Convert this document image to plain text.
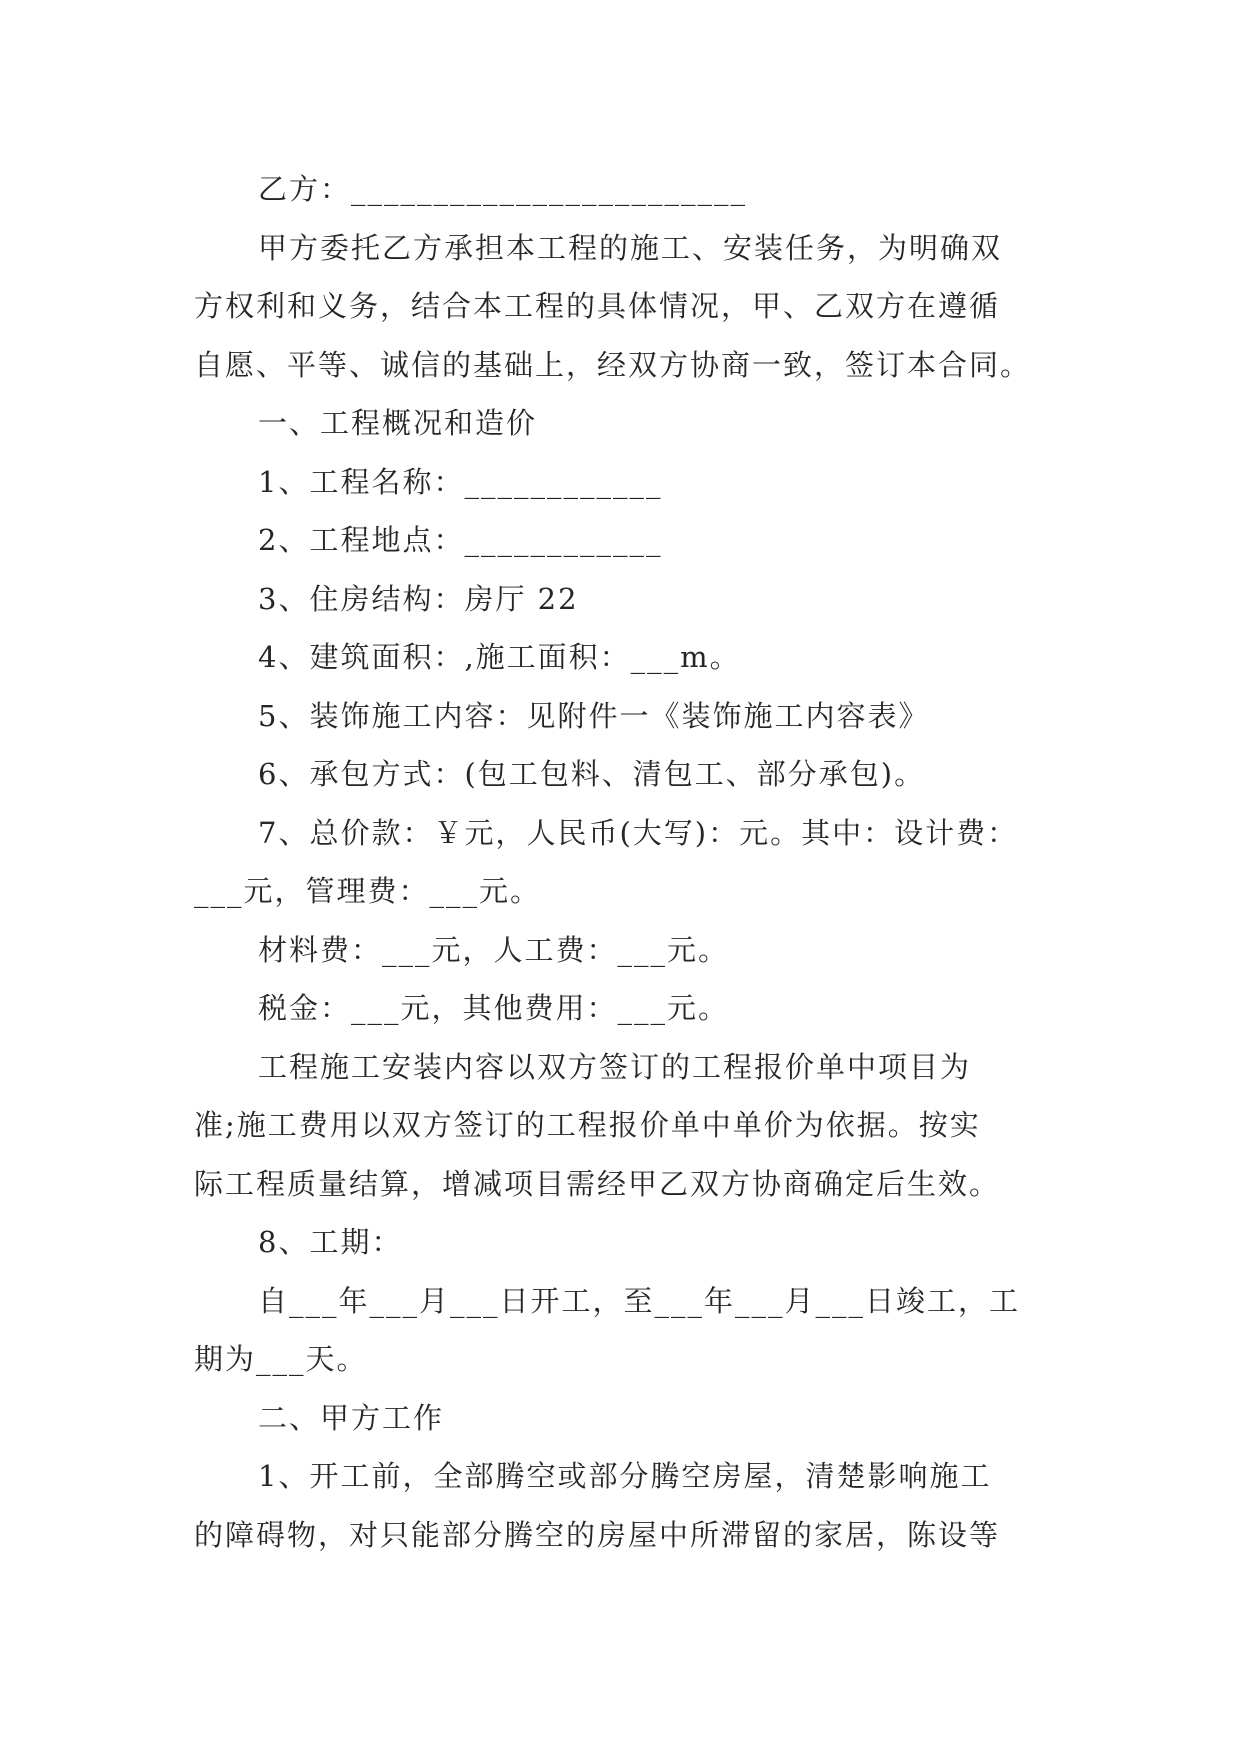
乙方：________________________
甲方委托乙方承担本工程的施工、安装任务，为明确双
方权利和义务，结合本工程的具体情况，甲、乙双方在遵循
自愿、平等、诚信的基础上，经双方协商一致，签订本合同。
一、工程概况和造价
1、工程名称：____________
2、工程地点：____________
3、住房结构：房厅 22
4、建筑面积：,施工面积：___m。
5、装饰施工内容：见附件一《装饰施工内容表》
6、承包方式：(包工包料、清包工、部分承包)。
7、总价款：￥元，人民币(大写)：元。其中：设计费：
___元，管理费：___元。
材料费：___元，人工费：___元。
税金：___元，其他费用：___元。
工程施工安装内容以双方签订的工程报价单中项目为
准;施工费用以双方签订的工程报价单中单价为依据。按实
际工程质量结算，增减项目需经甲乙双方协商确定后生效。
8、工期：
自___年___月___日开工，至___年___月___日竣工，工
期为___天。
二、甲方工作
1、开工前，全部腾空或部分腾空房屋，清楚影响施工
的障碍物，对只能部分腾空的房屋中所滞留的家居，陈设等
